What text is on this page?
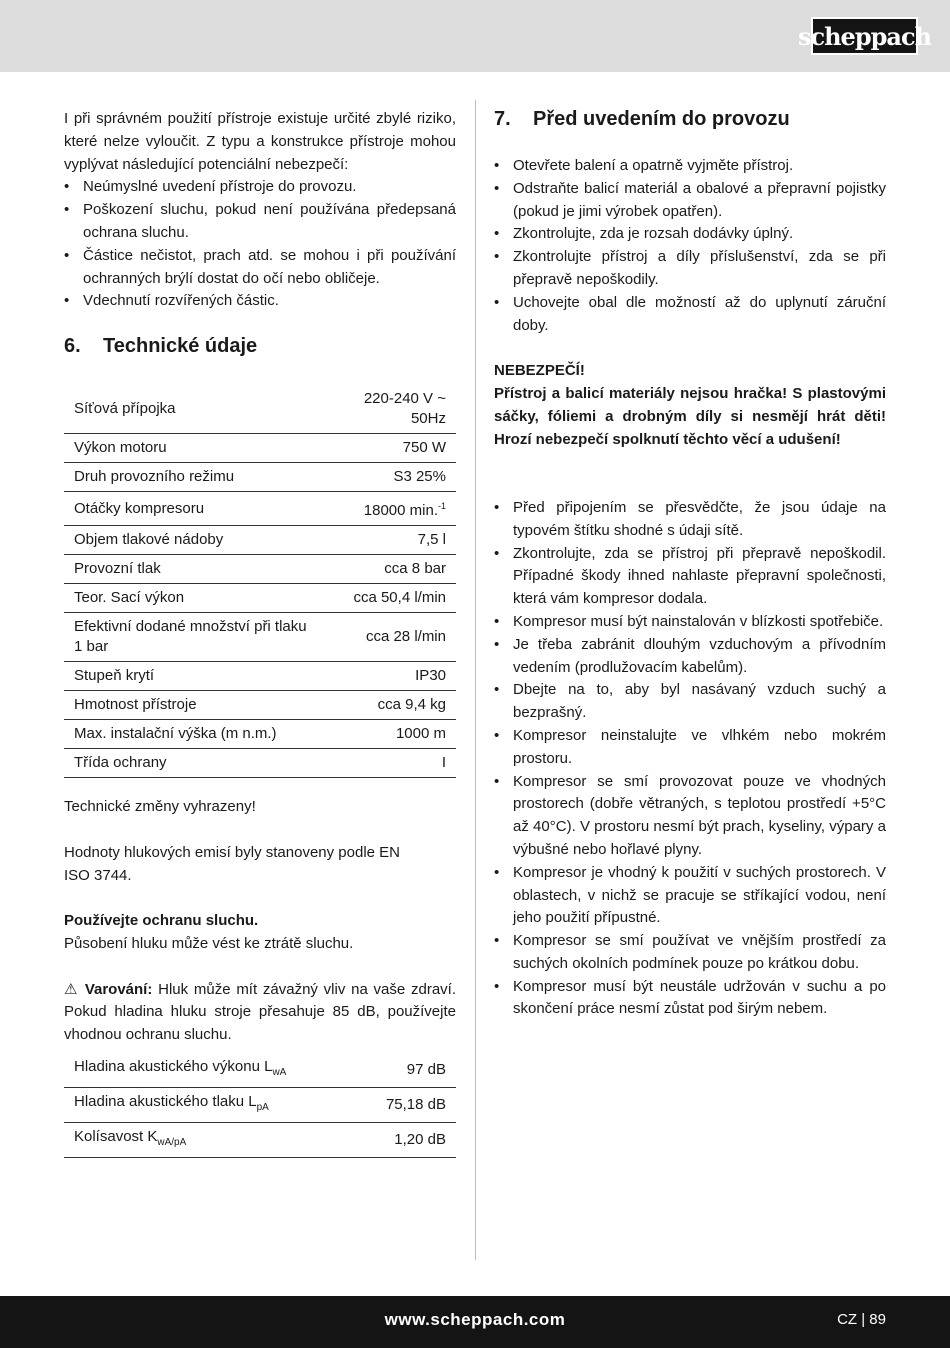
scheppach

I při správném použití přístroje existuje určité zbylé riziko, které nelze vyloučit. Z typu a konstrukce přístroje mohou vyplývat následující potenciální nebezpečí:

• Neúmyslné uvedení přístroje do provozu.
• Poškození sluchu, pokud není používána předepsaná ochrana sluchu.
• Částice nečistot, prach atd. se mohou i při používání ochranných brýlí dostat do očí nebo obličeje.
• Vdechnutí rozvířených částic.
6.	Technické údaje
Síťová přípojka	220-240 V ~ 50Hz
Výkon motoru	750 W
Druh provozního režimu	S3 25%
Otáčky kompresoru	18000 min.$^{-1}$
Objem tlakové nádoby	7,5 l
Provozní tlak	cca 8 bar
Teor. Sací výkon	cca 50,4 l/min
Efektivní dodané množství při tlaku 1 bar	cca 28 l/min
Stupeň krytí	IP30
Hmotnost přístroje	cca 9,4 kg
Max. instalační výška (m n.m.)	1000 m
Třída ochrany	I

Technické změny vyhrazeny!

Hodnoty hlukových emisí byly stanoveny podle EN ISO 3744.

Používejte ochranu sluchu.

Působení hluku může vést ke ztrátě sluchu.

⚠ Varování: Hluk může mít závažný vliv na vaše zdraví. Pokud hladina hluku stroje přesahuje 85 dB, používejte vhodnou ochranu sluchu.

Hladina akustického výkonu $L_{wA}$	97 dB
Hladina akustického tlaku $L_{pA}$	75,18 dB
Kolísavost $K_{wA/pA}$	1,20 dB
7.	Před uvedením do provozu
• Otevřete balení a opatrně vyjměte přístroj.
• Odstraňte balicí materiál a obalové a přepravní pojistky (pokud je jimi výrobek opatřen).
• Zkontrolujte, zda je rozsah dodávky úplný.
• Zkontrolujte přístroj a díly příslušenství, zda se při přepravě nepoškodily.
• Uchovejte obal dle možností až do uplynutí záruční doby.

NEBEZPEČÍ!

Přístroj a balicí materiály nejsou hračka! S plastovými sáčky, fóliemi a drobným díly si nesmějí hrát děti! Hrozí nebezpečí spolknutí těchto věcí a udušení!

• Před připojením se přesvědčte, že jsou údaje na typovém štítku shodné s údaji sítě.
• Zkontrolujte, zda se přístroj při přepravě nepoškodil. Případné škody ihned nahlaste přepravní společnosti, která vám kompresor dodala.
• Kompresor musí být nainstalován v blízkosti spotřebiče.
• Je třeba zabránit dlouhým vzduchovým a přívodním vedením (prodlužovacím kabelům).
• Dbejte na to, aby byl nasávaný vzduch suchý a bezprašný.
• Kompresor neinstalujte ve vlhkém nebo mokrém prostoru.
• Kompresor se smí provozovat pouze ve vhodných prostorech (dobře větraných, s teplotou prostředí +5°C až 40°C). V prostoru nesmí být prach, kyseliny, výpary a výbušné nebo hořlavé plyny.
• Kompresor je vhodný k použití v suchých prostorech. V oblastech, v nichž se pracuje se stříkající vodou, není jeho použití přípustné.
• Kompresor se smí používat ve vnějším prostředí za suchých okolních podmínek pouze po krátkou dobu.
• Kompresor musí být neustále udržován v suchu a po skončení práce nesmí zůstat pod širým nebem.
www.scheppach.com	CZ | 89
